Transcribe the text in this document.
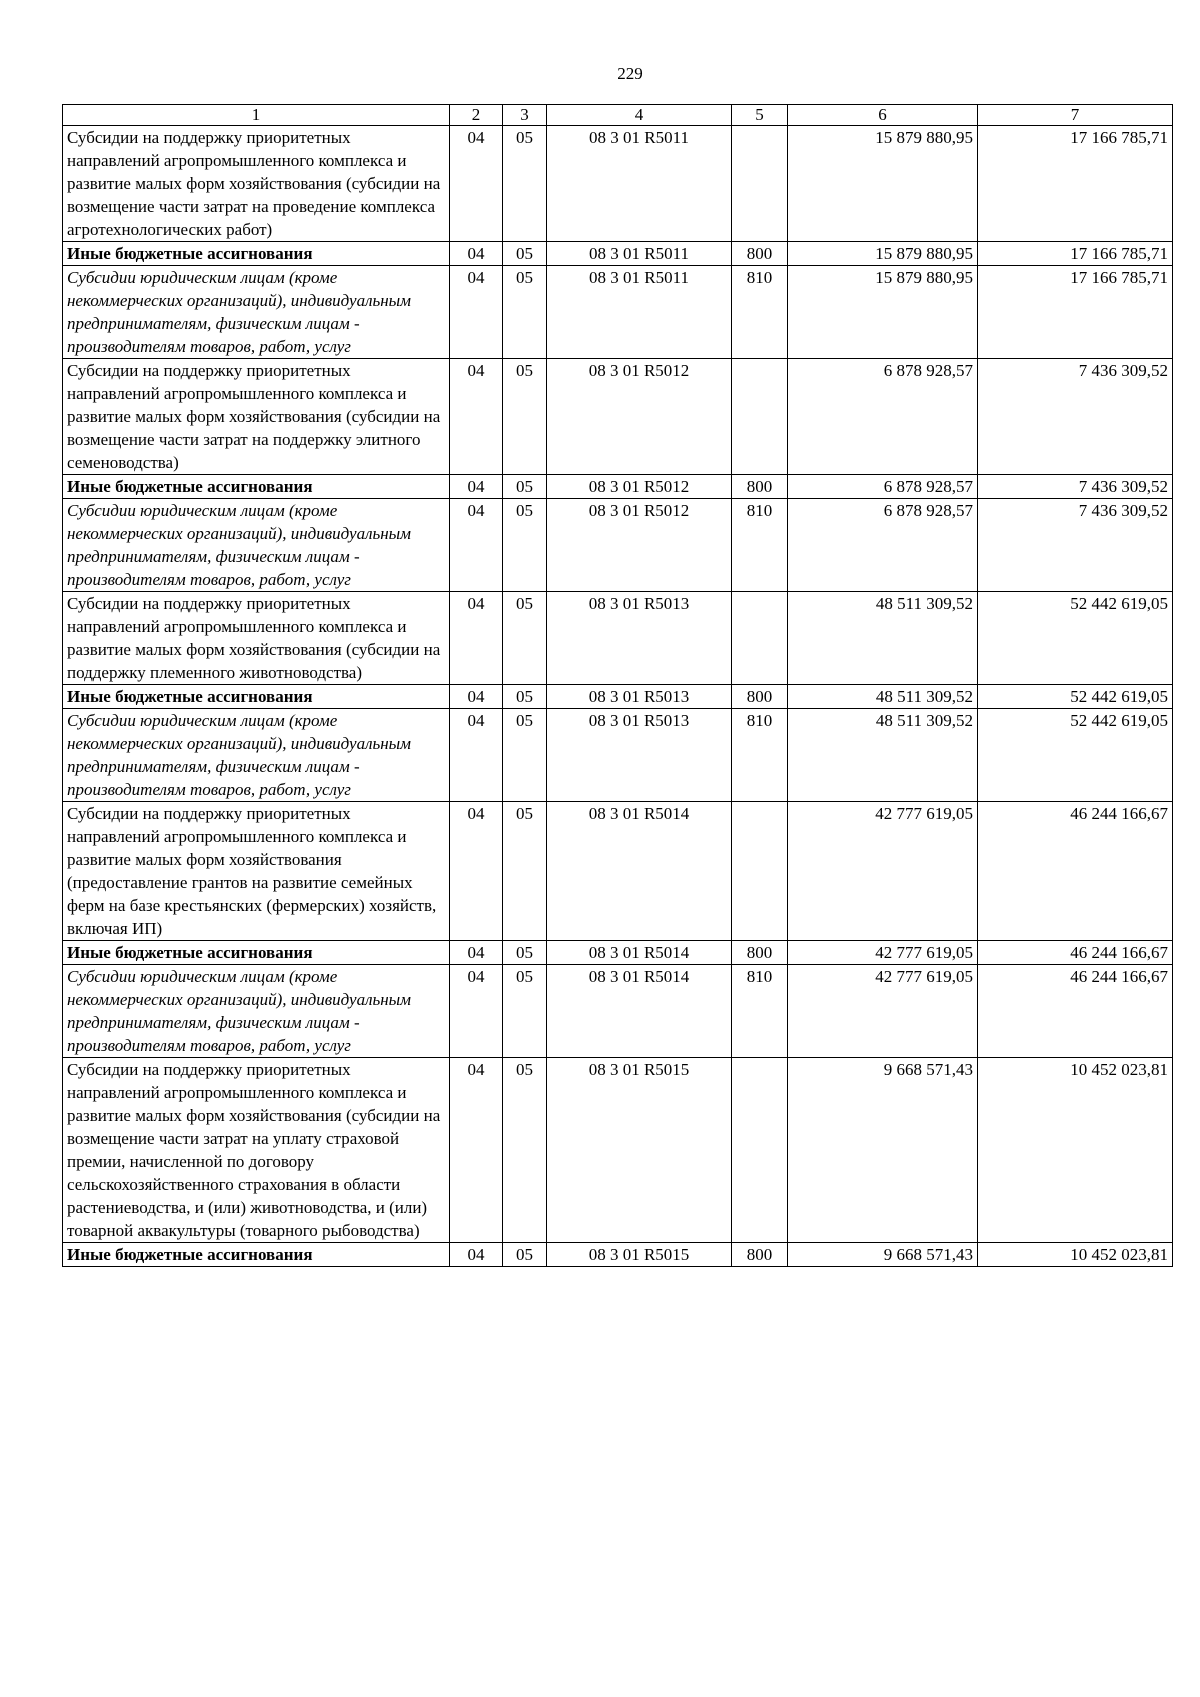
229
1	2	3	4	5	6	7
Субсидии на поддержку приоритетных направлений агропромышленного комплекса и развитие малых форм хозяйствования (субсидии на возмещение части затрат на проведение комплекса агротехнологических работ)	04	05	08 3 01 R5011		15 879 880,95	17 166 785,71
Иные бюджетные ассигнования	04	05	08 3 01 R5011	800	15 879 880,95	17 166 785,71
Субсидии юридическим лицам (кроме некоммерческих организаций), индивидуальным предпринимателям, физическим лицам - производителям товаров, работ, услуг	04	05	08 3 01 R5011	810	15 879 880,95	17 166 785,71
Субсидии на поддержку приоритетных направлений агропромышленного комплекса и развитие малых форм хозяйствования (субсидии на возмещение части затрат на поддержку элитного семеноводства)	04	05	08 3 01 R5012		6 878 928,57	7 436 309,52
Иные бюджетные ассигнования	04	05	08 3 01 R5012	800	6 878 928,57	7 436 309,52
Субсидии юридическим лицам (кроме некоммерческих организаций), индивидуальным предпринимателям, физическим лицам - производителям товаров, работ, услуг	04	05	08 3 01 R5012	810	6 878 928,57	7 436 309,52
Субсидии на поддержку приоритетных направлений агропромышленного комплекса и развитие малых форм хозяйствования (субсидии на поддержку племенного животноводства)	04	05	08 3 01 R5013		48 511 309,52	52 442 619,05
Иные бюджетные ассигнования	04	05	08 3 01 R5013	800	48 511 309,52	52 442 619,05
Субсидии юридическим лицам (кроме некоммерческих организаций), индивидуальным предпринимателям, физическим лицам - производителям товаров, работ, услуг	04	05	08 3 01 R5013	810	48 511 309,52	52 442 619,05
Субсидии на поддержку приоритетных направлений агропромышленного комплекса и развитие малых форм хозяйствования (предоставление грантов на развитие семейных ферм на базе крестьянских (фермерских) хозяйств, включая ИП)	04	05	08 3 01 R5014		42 777 619,05	46 244 166,67
Иные бюджетные ассигнования	04	05	08 3 01 R5014	800	42 777 619,05	46 244 166,67
Субсидии юридическим лицам (кроме некоммерческих организаций), индивидуальным предпринимателям, физическим лицам - производителям товаров, работ, услуг	04	05	08 3 01 R5014	810	42 777 619,05	46 244 166,67
Субсидии на поддержку приоритетных направлений агропромышленного комплекса и развитие малых форм хозяйствования (субсидии на возмещение части затрат на уплату страховой премии, начисленной по договору сельскохозяйственного страхования в области растениеводства, и (или) животноводства, и (или) товарной аквакультуры (товарного рыбоводства)	04	05	08 3 01 R5015		9 668 571,43	10 452 023,81
Иные бюджетные ассигнования	04	05	08 3 01 R5015	800	9 668 571,43	10 452 023,81
